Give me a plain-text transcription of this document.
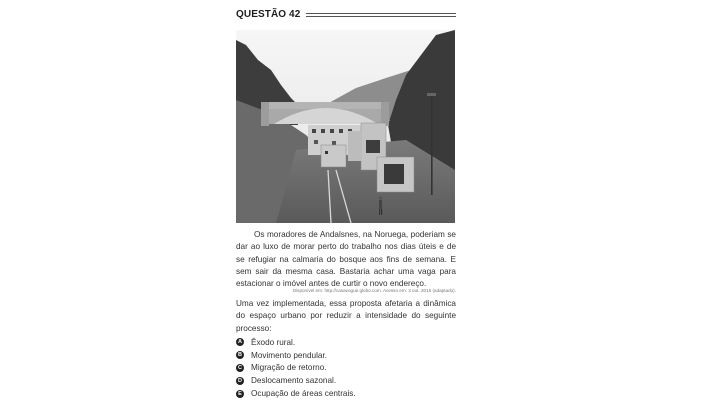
QUESTÃO 42

Os moradores de Andalsnes, na Noruega, poderiam se dar ao luxo de morar perto do trabalho nos dias úteis e de se refugiar na calmaria do bosque aos fins de semana. E sem sair da mesma casa. Bastaria achar uma vaga para estacionar o imóvel antes de curtir o novo endereço.

Disponível em: http://casavogue.globo.com. Acesso em: 3 out. 2015 (adaptado).

Uma vez implementada, essa proposta afetaria a dinâmica do espaço urbano por reduzir a intensidade do seguinte processo:

A Êxodo rural.
B Movimento pendular.
C Migração de retorno.
D Deslocamento sazonal.
E Ocupação de áreas centrais.
